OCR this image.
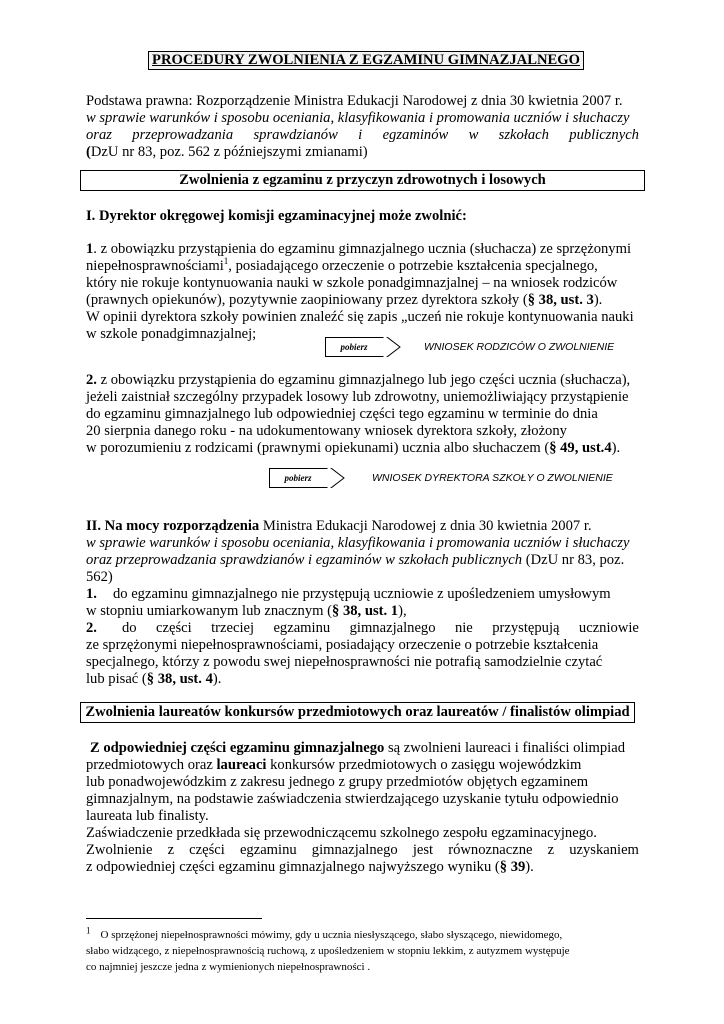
PROCEDURY ZWOLNIENIA Z EGZAMINU GIMNAZJALNEGO
Podstawa prawna: Rozporządzenie Ministra Edukacji Narodowej z dnia 30 kwietnia 2007 r.
w sprawie warunków i sposobu oceniania, klasyfikowania i promowania uczniów i słuchaczy
oraz przeprowadzania sprawdzianów i egzaminów w szkołach publicznych
(DzU nr 83, poz. 562 z późniejszymi zmianami)
Zwolnienia z egzaminu z przyczyn zdrowotnych i losowych
I. Dyrektor okręgowej komisji egzaminacyjnej może zwolnić:
1. z obowiązku przystąpienia do egzaminu gimnazjalnego ucznia (słuchacza) ze sprzężonymi
niepełnosprawnościami$^1$, posiadającego orzeczenie o potrzebie kształcenia specjalnego,
który nie rokuje kontynuowania nauki w szkole ponadgimnazjalnej – na wniosek rodziców
(prawnych opiekunów), pozytywnie zaopiniowany przez dyrektora szkoły (§ 38, ust. 3).
W opinii dyrektora szkoły powinien znaleźć się zapis „uczeń nie rokuje kontynuowania nauki
w szkole ponadgimnazjalnej;
pobierz	WNIOSEK RODZICÓW O ZWOLNIENIE
2. z obowiązku przystąpienia do egzaminu gimnazjalnego lub jego części ucznia (słuchacza),
jeżeli zaistniał szczególny przypadek losowy lub zdrowotny, uniemożliwiający przystąpienie
do egzaminu gimnazjalnego lub odpowiedniej części tego egzaminu w terminie do dnia
20 sierpnia danego roku - na udokumentowany wniosek dyrektora szkoły, złożony
w porozumieniu z rodzicami (prawnymi opiekunami) ucznia albo słuchaczem (§ 49, ust.4).
pobierz	WNIOSEK DYREKTORA SZKOŁY O ZWOLNIENIE
II. Na mocy rozporządzenia Ministra Edukacji Narodowej z dnia 30 kwietnia 2007 r.
w sprawie warunków i sposobu oceniania, klasyfikowania i promowania uczniów i słuchaczy
oraz przeprowadzania sprawdzianów i egzaminów w szkołach publicznych (DzU nr 83, poz.
562)
1. do egzaminu gimnazjalnego nie przystępują uczniowie z upośledzeniem umysłowym
w stopniu umiarkowanym lub znacznym (§ 38, ust. 1),
2. do części trzeciej egzaminu gimnazjalnego nie przystępują uczniowie
ze sprzężonymi niepełnosprawnościami, posiadający orzeczenie o potrzebie kształcenia
specjalnego, którzy z powodu swej niepełnosprawności nie potrafią samodzielnie czytać
lub pisać (§ 38, ust. 4).
Zwolnienia laureatów konkursów przedmiotowych oraz laureatów / finalistów olimpiad
Z odpowiedniej części egzaminu gimnazjalnego są zwolnieni laureaci i finaliści olimpiad
przedmiotowych oraz laureaci konkursów przedmiotowych o zasięgu wojewódzkim
lub ponadwojewódzkim z zakresu jednego z grupy przedmiotów objętych egzaminem
gimnazjalnym, na podstawie zaświadczenia stwierdzającego uzyskanie tytułu odpowiednio
laureata lub finalisty.
Zaświadczenie przedkłada się przewodniczącemu szkolnego zespołu egzaminacyjnego.
Zwolnienie z części egzaminu gimnazjalnego jest równoznaczne z uzyskaniem
z odpowiedniej części egzaminu gimnazjalnego najwyższego wyniku (§ 39).
$^1$ O sprzężonej niepełnosprawności mówimy, gdy u ucznia niesłyszącego, słabo słyszącego, niewidomego,
słabo widzącego, z niepełnosprawnością ruchową, z upośledzeniem w stopniu lekkim, z autyzmem występuje
co najmniej jeszcze jedna z wymienionych niepełnosprawności .
